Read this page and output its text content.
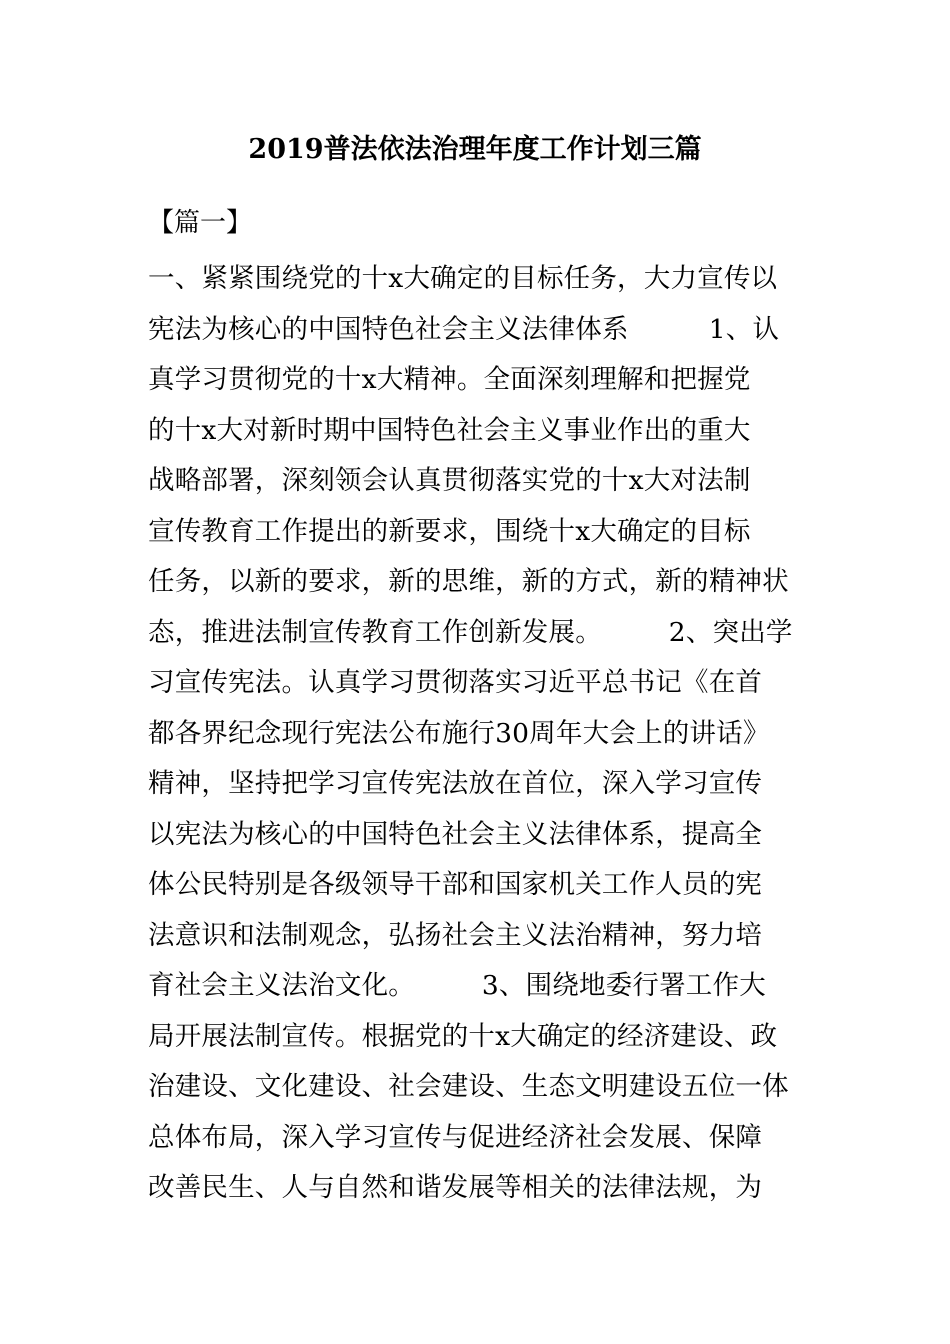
2019普法依法治理年度工作计划三篇
【篇一】
一、紧紧围绕党的十x大确定的目标任务，大力宣传以
宪法为核心的中国特色社会主义法律体系　　　1、认
真学习贯彻党的十x大精神。全面深刻理解和把握党
的十x大对新时期中国特色社会主义事业作出的重大
战略部署，深刻领会认真贯彻落实党的十x大对法制
宣传教育工作提出的新要求，围绕十x大确定的目标
任务，以新的要求，新的思维，新的方式，新的精神状
态，推进法制宣传教育工作创新发展。　　　2、突出学
习宣传宪法。认真学习贯彻落实习近平总书记《在首
都各界纪念现行宪法公布施行30周年大会上的讲话》
精神，坚持把学习宣传宪法放在首位，深入学习宣传
以宪法为核心的中国特色社会主义法律体系，提高全
体公民特别是各级领导干部和国家机关工作人员的宪
法意识和法制观念，弘扬社会主义法治精神，努力培
育社会主义法治文化。　　　3、围绕地委行署工作大
局开展法制宣传。根据党的十x大确定的经济建设、政
治建设、文化建设、社会建设、生态文明建设五位一体
总体布局，深入学习宣传与促进经济社会发展、保障
改善民生、人与自然和谐发展等相关的法律法规，为
